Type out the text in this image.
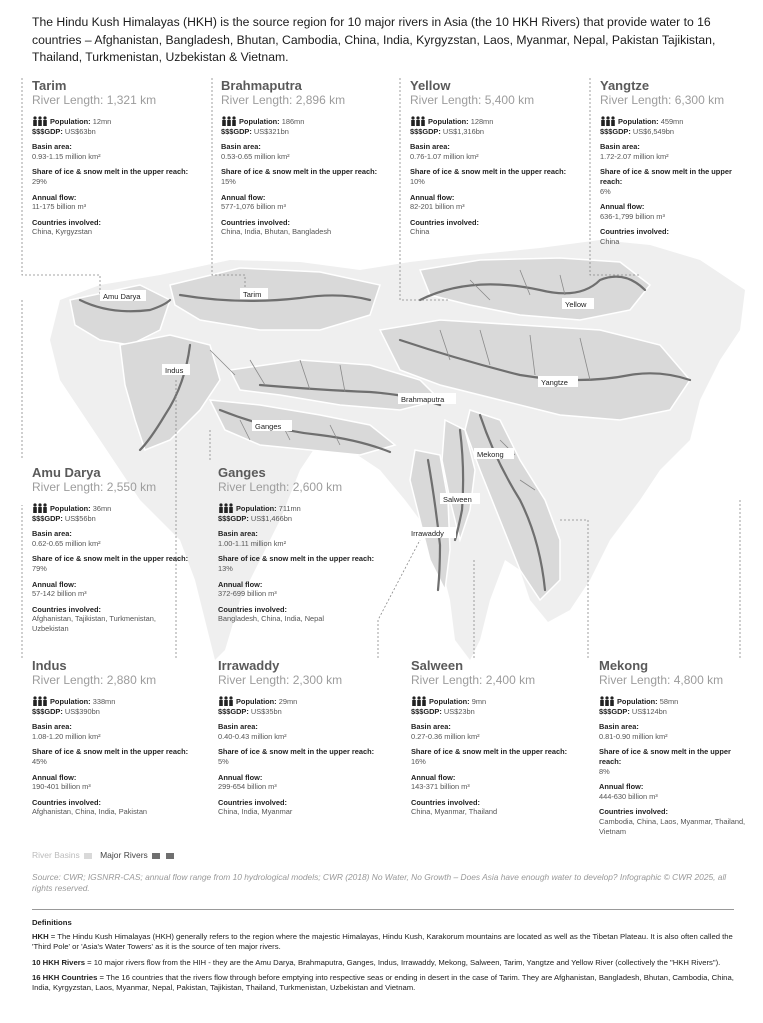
The Hindu Kush Himalayas (HKH) is the source region for 10 major rivers in Asia (the 10 HKH Rivers) that provide water to 16 countries – Afghanistan, Bangladesh, Bhutan, Cambodia, China, India, Kyrgyzstan, Laos, Myanmar, Nepal, Pakistan Tajikistan, Thailand, Turkmenistan, Uzbekistan & Vietnam.

Amu Darya	Tarim
Yellow
Indus
Yangtze
Brahmaputra
Ganges
Mekong
Salween
Irrawaddy

Tarim

River Length: 1,321 km

Population: 12mn

$$$GDP: US$63bn

Basin area:

0.93-1.15 million km²

Share of ice & snow melt in the upper reach:

29%

Annual flow:

11-175 billion m³

Countries involved:

China, Kyrgyzstan

Brahmaputra

River Length: 2,896 km

Population: 186mn

$$$GDP: US$321bn

Basin area:

0.53-0.65 million km²

Share of ice & snow melt in the upper reach:

15%

Annual flow:

577-1,076 billion m³

Countries involved:

China, India, Bhutan, Bangladesh

Yellow

River Length: 5,400 km

Population: 128mn

$$$GDP: US$1,316bn

Basin area:

0.76-1.07 million km²

Share of ice & snow melt in the upper reach:

10%

Annual flow:

82-201 billion m³

Countries involved:

China

Yangtze

River Length: 6,300 km

Population: 459mn

$$$GDP: US$6,549bn

Basin area:

1.72-2.07 million km²

Share of ice & snow melt in the upper reach:

6%

Annual flow:

636-1,799 billion m³

Countries involved:

China

Amu Darya

River Length: 2,550 km

Population: 36mn

$$$GDP: US$56bn

Basin area:

0.62-0.65 million km²

Share of ice & snow melt in the upper reach:

79%

Annual flow:

57-142 billion m³

Countries involved:

Afghanistan, Tajikistan, Turkmenistan, Uzbekistan

Ganges

River Length: 2,600 km

Population: 711mn

$$$GDP: US$1,466bn

Basin area:

1.00-1.11 million km²

Share of ice & snow melt in the upper reach:

13%

Annual flow:

372-699 billion m³

Countries involved:

Bangladesh, China, India, Nepal

Indus

River Length: 2,880 km

Population: 338mn

$$$GDP: US$390bn

Basin area:

1.08-1.20 million km²

Share of ice & snow melt in the upper reach:

45%

Annual flow:

190-401 billion m³

Countries involved:

Afghanistan, China, India, Pakistan

Irrawaddy

River Length: 2,300 km

Population: 29mn

$$$GDP: US$35bn

Basin area:

0.40-0.43 million km²

Share of ice & snow melt in the upper reach:

5%

Annual flow:

299-654 billion m³

Countries involved:

China, India, Myanmar

Salween

River Length: 2,400 km

Population: 9mn

$$$GDP: US$23bn

Basin area:

0.27-0.36 million km²

Share of ice & snow melt in the upper reach:

16%

Annual flow:

143-371 billion m³

Countries involved:

China, Myanmar, Thailand

Mekong

River Length: 4,800 km

Population: 58mn

$$$GDP: US$124bn

Basin area:

0.81-0.90 million km²

Share of ice & snow melt in the upper reach:

8%

Annual flow:

444-630 billion m³

Countries involved:

Cambodia, China, Laos, Myanmar, Thailand, Vietnam

River Basins Major Rivers

Source: CWR; IGSNRR-CAS; annual flow range from 10 hydrological models; CWR (2018) No Water, No Growth – Does Asia have enough water to develop? Infographic © CWR 2025, all rights reserved.

Definitions

HKH = The Hindu Kush Himalayas (HKH) generally refers to the region where the majestic Himalayas, Hindu Kush, Karakorum mountains are located as well as the Tibetan Plateau. It is also often called the 'Third Pole' or 'Asia's Water Towers' as it is the source of ten major rivers.

10 HKH Rivers = 10 major rivers flow from the HIH - they are the Amu Darya, Brahmaputra, Ganges, Indus, Irrawaddy, Mekong, Salween, Tarim, Yangtze and Yellow River (collectively the "HKH Rivers").

16 HKH Countries = The 16 countries that the rivers flow through before emptying into respective seas or ending in desert in the case of Tarim. They are Afghanistan, Bangladesh, Bhutan, Cambodia, China, India, Kyrgyzstan, Laos, Myanmar, Nepal, Pakistan, Tajikistan, Thailand, Turkmenistan, Uzbekistan and Vietnam.
